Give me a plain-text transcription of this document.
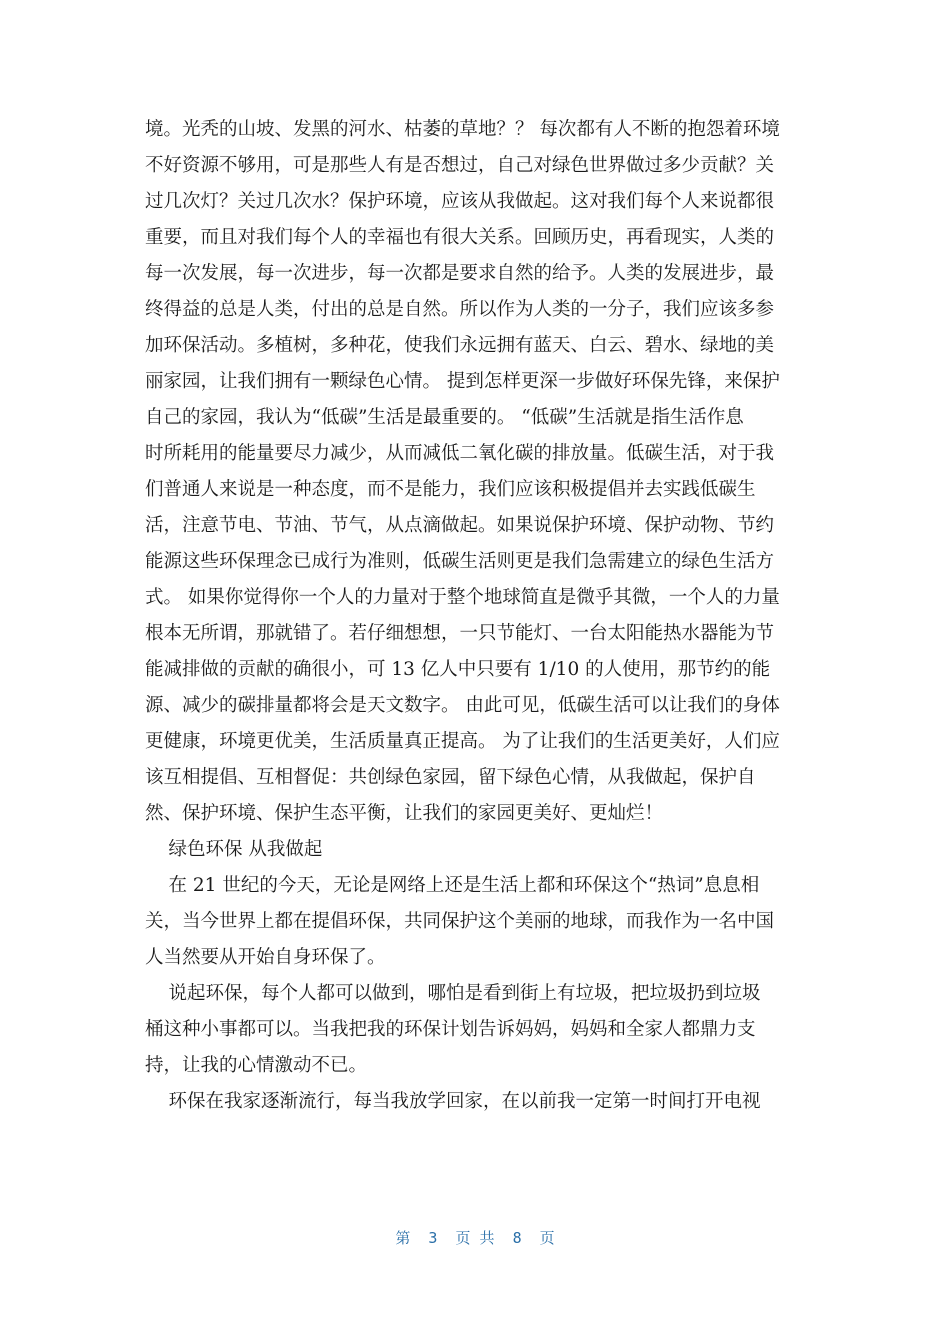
境。光秃的山坡、发黑的河水、枯萎的草地？？ 每次都有人不断的抱怨着环境
不好资源不够用，可是那些人有是否想过，自己对绿色世界做过多少贡献？关
过几次灯？关过几次水？保护环境，应该从我做起。这对我们每个人来说都很
重要，而且对我们每个人的幸福也有很大关系。回顾历史，再看现实，人类的
每一次发展，每一次进步，每一次都是要求自然的给予。人类的发展进步，最
终得益的总是人类，付出的总是自然。所以作为人类的一分子，我们应该多参
加环保活动。多植树，多种花，使我们永远拥有蓝天、白云、碧水、绿地的美
丽家园，让我们拥有一颗绿色心情。 提到怎样更深一步做好环保先锋，来保护
自己的家园，我认为“低碳”生活是最重要的。 “低碳”生活就是指生活作息
时所耗用的能量要尽力减少，从而减低二氧化碳的排放量。低碳生活，对于我
们普通人来说是一种态度，而不是能力，我们应该积极提倡并去实践低碳生
活，注意节电、节油、节气，从点滴做起。如果说保护环境、保护动物、节约
能源这些环保理念已成行为准则，低碳生活则更是我们急需建立的绿色生活方
式。 如果你觉得你一个人的力量对于整个地球简直是微乎其微，一个人的力量
根本无所谓，那就错了。若仔细想想，一只节能灯、一台太阳能热水器能为节
能减排做的贡献的确很小，可 13 亿人中只要有 1/10 的人使用，那节约的能
源、减少的碳排量都将会是天文数字。 由此可见，低碳生活可以让我们的身体
更健康，环境更优美，生活质量真正提高。 为了让我们的生活更美好，人们应
该互相提倡、互相督促：共创绿色家园，留下绿色心情，从我做起，保护自
然、保护环境、保护生态平衡，让我们的家园更美好、更灿烂！
绿色环保 从我做起
在 21 世纪的今天，无论是网络上还是生活上都和环保这个“热词”息息相
关，当今世界上都在提倡环保，共同保护这个美丽的地球，而我作为一名中国
人当然要从开始自身环保了。
说起环保，每个人都可以做到，哪怕是看到街上有垃圾，把垃圾扔到垃圾
桶这种小事都可以。当我把我的环保计划告诉妈妈，妈妈和全家人都鼎力支
持，让我的心情激动不已。
环保在我家逐渐流行，每当我放学回家，在以前我一定第一时间打开电视
第  3  页 共  8  页
